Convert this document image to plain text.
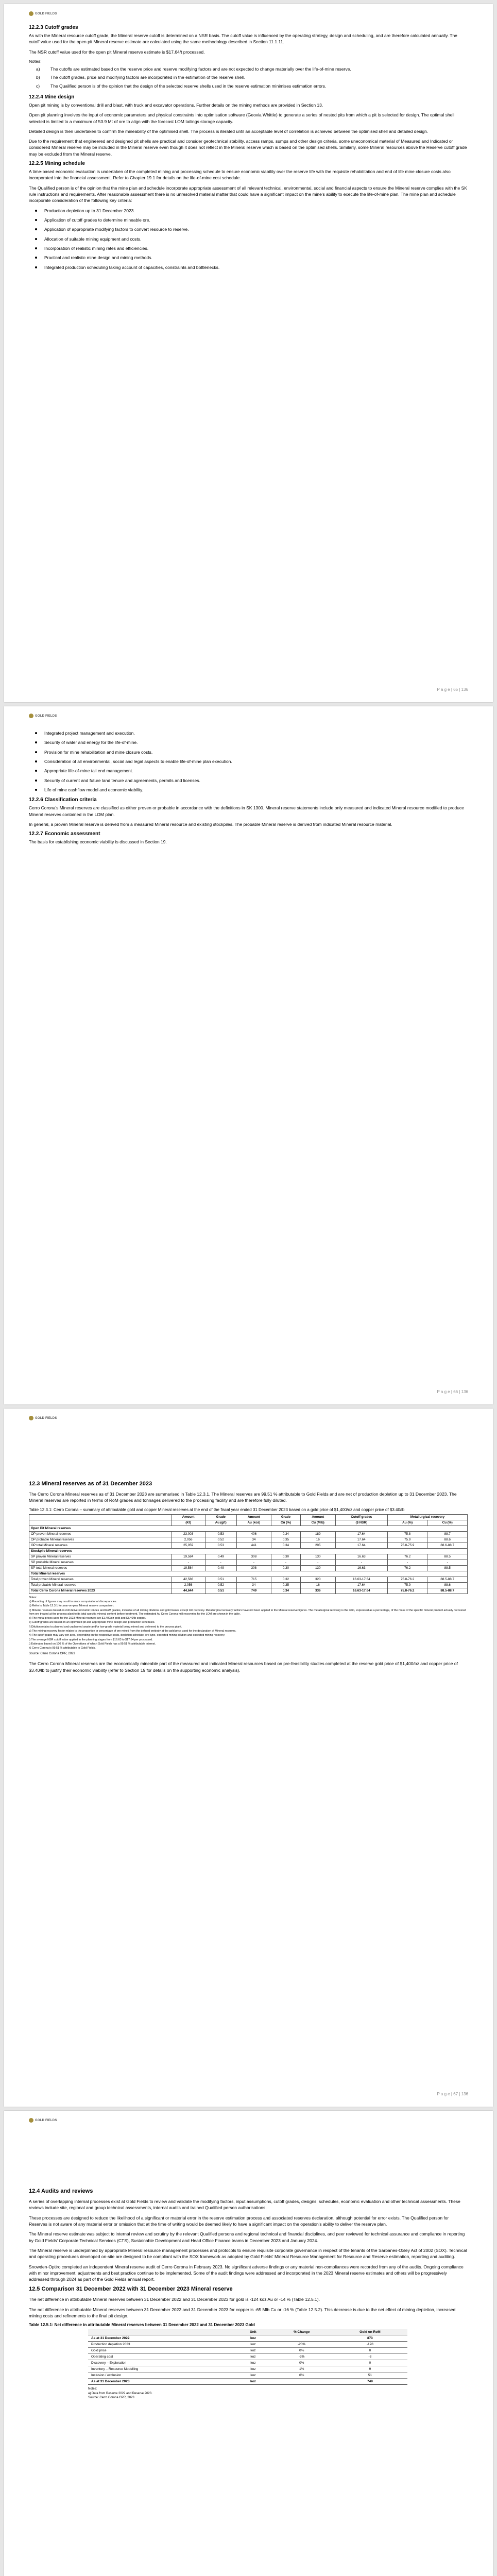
GOLD FIELDS
12.2.3 Cutoff grades

As with the Mineral resource cutoff grade, the Mineral reserve cutoff is determined on a NSR basis. The cutoff value is influenced by the operating strategy, design and scheduling, and are therefore calculated annually. The cutoff value used for the open pit Mineral reserve estimate are calculated using the same methodology described in Section 11.1.11.

The NSR cutoff value used for the open pit Mineral reserve estimate is $17.64/t processed.

Notes:
a)	The cutoffs are estimated based on the reserve price and reserve modifying factors and are not expected to change materially over the life-of-mine reserve.
b)	The cutoff grades, price and modifying factors are incorporated in the estimation of the reserve shell.
c)	The Qualified person is of the opinion that the design of the selected reserve shells used in the reserve estimation minimises estimation errors.
12.2.4 Mine design

Open pit mining is by conventional drill and blast, with truck and excavator operations. Further details on the mining methods are provided in Section 13.

Open pit planning involves the input of economic parameters and physical constraints into optimisation software (Geovia Whittle) to generate a series of nested pits from which a pit is selected for design. The optimal shell selected is limited to a maximum of 53.9 Mt of ore to align with the forecast LOM tailings storage capacity.

Detailed design is then undertaken to confirm the mineability of the optimised shell. The process is iterated until an acceptable level of correlation is achieved between the optimised shell and detailed design.

Due to the requirement that engineered and designed pit shells are practical and consider geotechnical stability, access ramps, sumps and other design criteria, some uneconomical material of Measured and Indicated or considered Mineral reserve may be included in the Mineral reserve even though it does not reflect in the Mineral reserve which is based on the optimised shells. Similarly, some Mineral resources above the Reserve cutoff grade may be excluded from the Mineral reserve.

12.2.5 Mining schedule

A time-based economic evaluation is undertaken of the completed mining and processing schedule to ensure economic viability over the reserve life with the requisite rehabilitation and end of life mine closure costs also incorporated into the financial assessment. Refer to Chapter 19.1 for details on the life-of-mine cost schedule.

The Qualified person is of the opinion that the mine plan and schedule incorporate appropriate assessment of all relevant technical, environmental, social and financial aspects to ensure the Mineral reserve complies with the SK rule instructions and requirements. After reasonable assessment there is no unresolved material matter that could have a significant impact on the mine's ability to execute the life-of-mine plan. The mine plan and schedule incorporate consideration of the following key criteria:

Production depletion up to 31 December 2023.
Application of cutoff grades to determine mineable ore.
Application of appropriate modifying factors to convert resource to reserve.
Allocation of suitable mining equipment and costs.
Incorporation of realistic mining rates and efficiencies.
Practical and realistic mine design and mining methods.
Integrated production scheduling taking account of capacities, constraints and bottlenecks.
P a g e | 65 | 136
GOLD FIELDS
Integrated project management and execution.
Security of water and energy for the life-of-mine.
Provision for mine rehabilitation and mine closure costs.
Consideration of all environmental, social and legal aspects to enable life-of-mine plan execution.
Appropriate life-of-mine tail end management.
Security of current and future land tenure and agreements, permits and licenses.
Life of mine cashflow model and economic viability.
12.2.6 Classification criteria

Cerro Corona's Mineral reserves are classified as either proven or probable in accordance with the definitions in SK 1300. Mineral reserve statements include only measured and indicated Mineral resource modified to produce Mineral reserves contained in the LOM plan.

In general, a proven Mineral reserve is derived from a measured Mineral resource and existing stockpiles. The probable Mineral reserve is derived from indicated Mineral resource material.

12.2.7 Economic assessment

The basis for establishing economic viability is discussed in Section 19.

P a g e | 66 | 136
GOLD FIELDS
12.3 Mineral reserves as of 31 December 2023

The Cerro Corona Mineral reserves as of 31 December 2023 are summarised in Table 12.3.1. The Mineral reserves are 99.51 % attributable to Gold Fields and are net of production depletion up to 31 December 2023. The Mineral reserves are reported in terms of RoM grades and tonnages delivered to the processing facility and are therefore fully diluted.

Table 12.3.1: Cerro Corona – summary of attributable gold and copper Mineral reserves at the end of the fiscal year ended 31 December 2023 based on a gold price of $1,400/oz and copper price of $3.40/lb
	Amount	Grade	Amount	Grade	Amount	Cutoff grades	Metallurgical recovery	
	(Kt)	Au (g/t)	Au (koz)	Cu (%)	Cu (Mlb)	($ NSR)	Au (%)	Cu (%)
Open Pit Mineral reserves								
OP proven Mineral reserves	23,003	0.53	406	0.34	189	17.64	75.8	88.7
OP probable Mineral reserves	2,056	0.52	34	0.35	16	17.64	75.9	88.6
OP total Mineral reserves	25,059	0.53	441	0.34	205	17.64	75.8-75.9	88.6-88.7
Stockpile Mineral reserves								
SP proven Mineral reserves	19,584	0.49	308	0.30	130	16.63	76.2	88.5
SP probable Mineral reserves	-	-	-	-	-	-	-	-
SP total Mineral reserves	19,584	0.49	308	0.30	130	16.63	76.2	88.5
Total Mineral reserves								
Total proven Mineral reserves	42,586	0.51	715	0.32	320	16.63-17.64	75.8-76.2	88.5-88.7
Total probable Mineral reserves	2,056	0.52	34	0.35	16	17.64	75.9	88.6
Total Cerro Corona Mineral reserves 2023	44,644	0.51	749	0.34	336	16.63-17.64	75.8-76.2	88.5-88.7
Notes:
a) Rounding of figures may result in minor computational discrepancies.
b) Refer to Table 12.3.1 for year-on-year Mineral reserve comparison.
c) Mineral reserves based on mill delivered metric tonnes and RoM grades, inclusive of all mining dilutions and gold losses except mill recovery. Metallurgical recovery factors have not been applied to the Mineral reserve figures. The metallurgical recovery is the ratio, expressed as a percentage, of the mass of the specific mineral product actually recovered from ore treated at the process plant to its total specific mineral content before treatment. The estimated Au Cerro Corona mill recoveries for the LOM are shown in the table.
d) The metal prices used for the 2023 Mineral reserves are $1,400/oz gold and $3.40/lb copper.
e) Cutoff grades are based on an optimised pit and appropriate mine design and production schedules.
f) Dilution relates to planned and unplanned waste and/or low-grade material being mined and delivered to the process plant.
g) The mining recovery factor relates to the proportion or percentage of ore mined from the defined orebody at the gold price used for the declaration of Mineral reserves.
h) The cutoff grade may vary per area, depending on the respective costs, depletion schedule, ore type, expected mining dilution and expected mining recovery.
i) The average NSR cutoff value applied in the planning stages from $16.63 to $17.64 per processed.
j) Estimates based on 100 % of the Operations of which Gold Fields has a 99.51 % attributable interest.
k) Cerro Corona is 99.51 % attributable to Gold Fields.
Source: Cerro Corona CPR, 2023

The Cerro Corona Mineral reserves are the economically mineable part of the measured and indicated Mineral resources based on pre-feasibility studies completed at the reserve gold price of $1,400/oz and copper price of $3.40/lb to justify their economic viability (refer to Section 19 for details on the supporting economic analysis).

P a g e | 67 | 136
GOLD FIELDS
12.4 Audits and reviews

A series of overlapping internal processes exist at Gold Fields to review and validate the modifying factors, input assumptions, cutoff grades, designs, schedules, economic evaluation and other technical assessments. These reviews include site, regional and group technical assessments, internal audits and trained Qualified person authorisations.

These processes are designed to reduce the likelihood of a significant or material error in the reserve estimation process and associated reserves declaration, although potential for error exists. The Qualified person for Reserves is not aware of any material error or omission that at the time of writing would be deemed likely to have a significant impact on the operation's ability to deliver the reserve plan.

The Mineral reserve estimate was subject to internal review and scrutiny by the relevant Qualified persons and regional technical and financial disciplines, and peer reviewed for technical assurance and compliance in reporting by Gold Fields' Corporate Technical Services (CTS), Sustainable Development and Head Office Finance teams in December 2023 and January 2024.

The Mineral reserve is underpinned by appropriate Mineral resource management processes and protocols to ensure requisite corporate governance in respect of the tenants of the Sarbanes-Oxley Act of 2002 (SOX). Technical and operating procedures developed on-site are designed to be compliant with the SOX framework as adopted by Gold Fields' Mineral Resource Management for Resource and Reserve estimation, reporting and auditing.

Snowden-Optiro completed an independent Mineral reserve audit of Cerro Corona in February 2023. No significant adverse findings or any material non-compliances were recorded from any of the audits. Ongoing compliance with minor improvement, adjustments and best practice continue to be implemented. Some of the audit findings were addressed and incorporated in the 2023 Mineral reserve estimates and others will be progressively addressed through 2024 as part of the Gold Fields annual report.

12.5 Comparison 31 December 2022 with 31 December 2023 Mineral reserve

The net difference in attributable Mineral reserves between 31 December 2022 and 31 December 2023 for gold is -124 koz Au or -14 % (Table 12.5.1).

The net difference in attributable Mineral reserves between 31 December 2022 and 31 December 2023 for copper is -65 Mlb Cu or -16 % (Table 12.5.2). This decrease is due to the net effect of mining depletion, increased mining costs and refinements to the final pit design.

Table 12.5.1: Net difference in attributable Mineral reserves between 31 December 2022 and 31 December 2023 Gold
	Unit	% Change	Gold on RoM
As at 31 December 2022	koz		873
Production depletion 2023	koz	-20%	-178
Gold price	koz	0%	0
Operating cost	koz	-3%	-3
Discovery – Exploration	koz	0%	0
Inventory – Resource Modelling	koz	1%	9
Inclusion / exclusion	koz	6%	51
As at 31 December 2023	koz		749
Notes:
a) Data from Reserve 2022 and Reserve 2023.
Source: Cerro Corona CPR, 2023
